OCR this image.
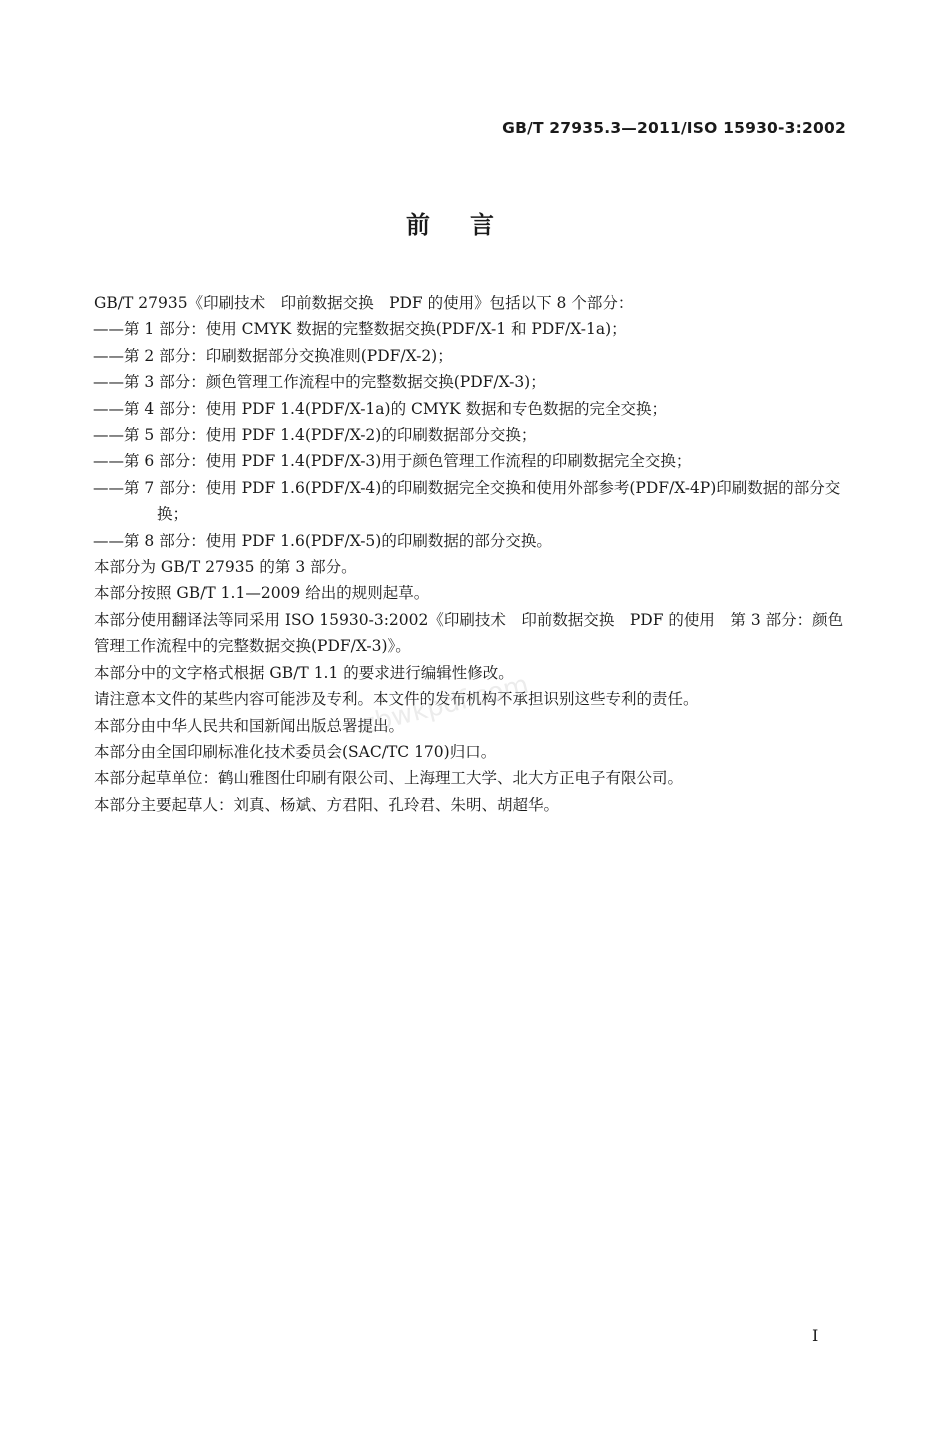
GB/T 27935.3—2011/ISO 15930-3:2002
前言

GB/T 27935《印刷技术　印前数据交换　PDF 的使用》包括以下 8 个部分：

——第 1 部分：使用 CMYK 数据的完整数据交换(PDF/X-1 和 PDF/X-1a)；

——第 2 部分：印刷数据部分交换准则(PDF/X-2)；

——第 3 部分：颜色管理工作流程中的完整数据交换(PDF/X-3)；

——第 4 部分：使用 PDF 1.4(PDF/X-1a)的 CMYK 数据和专色数据的完全交换；

——第 5 部分：使用 PDF 1.4(PDF/X-2)的印刷数据部分交换；

——第 6 部分：使用 PDF 1.4(PDF/X-3)用于颜色管理工作流程的印刷数据完全交换；

——第 7 部分：使用 PDF 1.6(PDF/X-4)的印刷数据完全交换和使用外部参考(PDF/X-4P)印刷数据的部分交换；

——第 8 部分：使用 PDF 1.6(PDF/X-5)的印刷数据的部分交换。

本部分为 GB/T 27935 的第 3 部分。

本部分按照 GB/T 1.1—2009 给出的规则起草。

本部分使用翻译法等同采用 ISO 15930-3:2002《印刷技术　印前数据交换　PDF 的使用　第 3 部分：颜色管理工作流程中的完整数据交换(PDF/X-3)》。

本部分中的文字格式根据 GB/T 1.1 的要求进行编辑性修改。

请注意本文件的某些内容可能涉及专利。本文件的发布机构不承担识别这些专利的责任。

本部分由中华人民共和国新闻出版总署提出。

本部分由全国印刷标准化技术委员会(SAC/TC 170)归口。

本部分起草单位：鹤山雅图仕印刷有限公司、上海理工大学、北大方正电子有限公司。

本部分主要起草人：刘真、杨斌、方君阳、孔玲君、朱明、胡超华。

zbwkpdf.com
I
